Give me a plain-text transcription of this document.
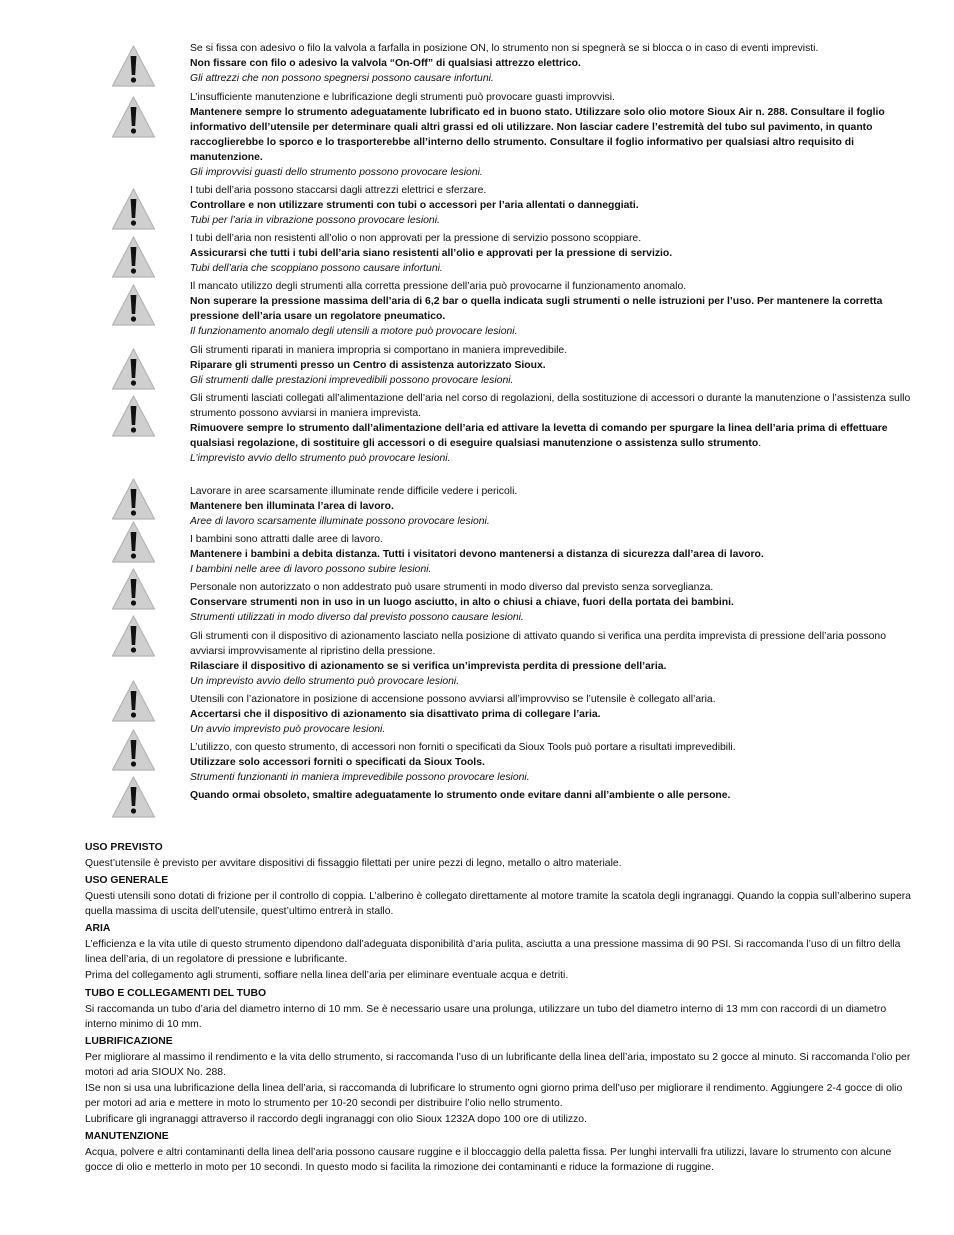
Se si fissa con adesivo o filo la valvola a farfalla in posizione ON, lo strumento non si spegnerà se si blocca o in caso di eventi imprevisti.

Non fissare con filo o adesivo la valvola “On-Off” di qualsiasi attrezzo elettrico.

Gli attrezzi che non possono spegnersi possono causare infortuni.

L’insufficiente manutenzione e lubrificazione degli strumenti può provocare guasti improvvisi.

Mantenere sempre lo strumento adeguatamente lubrificato ed in buono stato. Utilizzare solo olio motore Sioux Air n. 288. Consultare il foglio informativo dell’utensile per determinare quali altri grassi ed oli utilizzare. Non lasciar cadere l’estremità del tubo sul pavimento, in quanto raccoglierebbe lo sporco e lo trasporterebbe all’interno dello strumento. Consultare il foglio informativo per qualsiasi altro requisito di manutenzione.

Gli improvvisi guasti dello strumento possono provocare lesioni.

I tubi dell’aria possono staccarsi dagli attrezzi elettrici e sferzare.

Controllare e non utilizzare strumenti con tubi o accessori per l’aria allentati o danneggiati.

Tubi per l’aria in vibrazione possono provocare lesioni.

I tubi dell’aria non resistenti all’olio o non approvati per la pressione di servizio possono scoppiare.

Assicurarsi che tutti i tubi dell’aria siano resistenti all’olio e approvati per la pressione di servizio.

Tubi dell’aria che scoppiano possono causare infortuni.

Il mancato utilizzo degli strumenti alla corretta pressione dell’aria può provocarne il funzionamento anomalo.

Non superare la pressione massima dell’aria di 6,2 bar o quella indicata sugli strumenti o nelle istruzioni per l’uso. Per mantenere la corretta pressione dell’aria usare un regolatore pneumatico.

Il funzionamento anomalo degli utensili a motore può provocare lesioni.

Gli strumenti riparati in maniera impropria si comportano in maniera imprevedibile.

Riparare gli strumenti presso un Centro di assistenza autorizzato Sioux.

Gli strumenti dalle prestazioni imprevedibili possono provocare lesioni.

Gli strumenti lasciati collegati all’alimentazione dell’aria nel corso di regolazioni, della sostituzione di accessori o durante la manutenzione o l’assistenza sullo strumento possono avviarsi in maniera imprevista.

Rimuovere sempre lo strumento dall’alimentazione dell’aria ed attivare la levetta di comando per spurgare la linea dell’aria prima di effettuare qualsiasi regolazione, di sostituire gli accessori o di eseguire qualsiasi manutenzione o assistenza sullo strumento.

L’imprevisto avvio dello strumento può provocare lesioni.

Lavorare in aree scarsamente illuminate rende difficile vedere i pericoli.

Mantenere ben illuminata l’area di lavoro.

Aree di lavoro scarsamente illuminate possono provocare lesioni.

I bambini sono attratti dalle aree di lavoro.

Mantenere i bambini a debita distanza. Tutti i visitatori devono mantenersi a distanza di sicurezza dall’area di lavoro.

I bambini nelle aree di lavoro possono subire lesioni.

Personale non autorizzato o non addestrato può usare strumenti in modo diverso dal previsto senza sorveglianza.

Conservare strumenti non in uso in un luogo asciutto, in alto o chiusi a chiave, fuori della portata dei bambini.

Strumenti utilizzati in modo diverso dal previsto possono causare lesioni.

Gli strumenti con il dispositivo di azionamento lasciato nella posizione di attivato quando si verifica una perdita imprevista di pressione dell’aria possono avviarsi improvvisamente al ripristino della pressione.

Rilasciare il dispositivo di azionamento se si verifica un’imprevista perdita di pressione dell’aria.

Un imprevisto avvio dello strumento può provocare lesioni.

Utensili con l’azionatore in posizione di accensione possono avviarsi all’improvviso se l’utensile è collegato all’aria.

Accertarsi che il dispositivo di azionamento sia disattivato prima di collegare l’aria.

Un avvio imprevisto può provocare lesioni.

L’utilizzo, con questo strumento, di accessori non forniti o specificati da Sioux Tools può portare a risultati imprevedibili.

Utilizzare solo accessori forniti o specificati da Sioux Tools.

Strumenti funzionanti in maniera imprevedibile possono provocare lesioni.

Quando ormai obsoleto, smaltire adeguatamente lo strumento onde evitare danni all’ambiente o alle persone.

USO PREVISTO

Quest’utensile è previsto per avvitare dispositivi di fissaggio filettati per unire pezzi di legno, metallo o altro materiale.

USO GENERALE

Questi utensili sono dotati di frizione per il controllo di coppia. L’alberino è collegato direttamente al motore tramite la scatola degli ingranaggi. Quando la coppia sull’alberino supera quella massima di uscita dell’utensile, quest’ultimo entrerà in stallo.

ARIA

L’efficienza e la vita utile di questo strumento dipendono dall’adeguata disponibilità d’aria pulita, asciutta a una pressione massima di 90 PSI. Si raccomanda l’uso di un filtro della linea dell’aria, di un regolatore di pressione e lubrificante.

Prima del collegamento agli strumenti, soffiare nella linea dell’aria per eliminare eventuale acqua e detriti.

TUBO E COLLEGAMENTI DEL TUBO

Si raccomanda un tubo d’aria del diametro interno di 10 mm. Se è necessario usare una prolunga, utilizzare un tubo del diametro interno di 13 mm con raccordi di un diametro interno minimo di 10 mm.

LUBRIFICAZIONE

Per migliorare al massimo il rendimento e la vita dello strumento, si raccomanda l’uso di un lubrificante della linea dell’aria, impostato su 2 gocce al minuto. Si raccomanda l’olio per motori ad aria SIOUX No. 288.

ISe non si usa una lubrificazione della linea dell’aria, si raccomanda di lubrificare lo strumento ogni giorno prima dell’uso per migliorare il rendimento. Aggiungere 2-4 gocce di olio per motori ad aria e mettere in moto lo strumento per 10-20 secondi per distribuire l’olio nello strumento.

Lubrificare gli ingranaggi attraverso il raccordo degli ingranaggi con olio Sioux 1232A dopo 100 ore di utilizzo.

MANUTENZIONE

Acqua, polvere e altri contaminanti della linea dell’aria possono causare ruggine e il bloccaggio della paletta fissa. Per lunghi intervalli fra utilizzi, lavare lo strumento con alcune gocce di olio e metterlo in moto per 10 secondi. In questo modo si facilita la rimozione dei contaminanti e riduce la formazione di ruggine.
